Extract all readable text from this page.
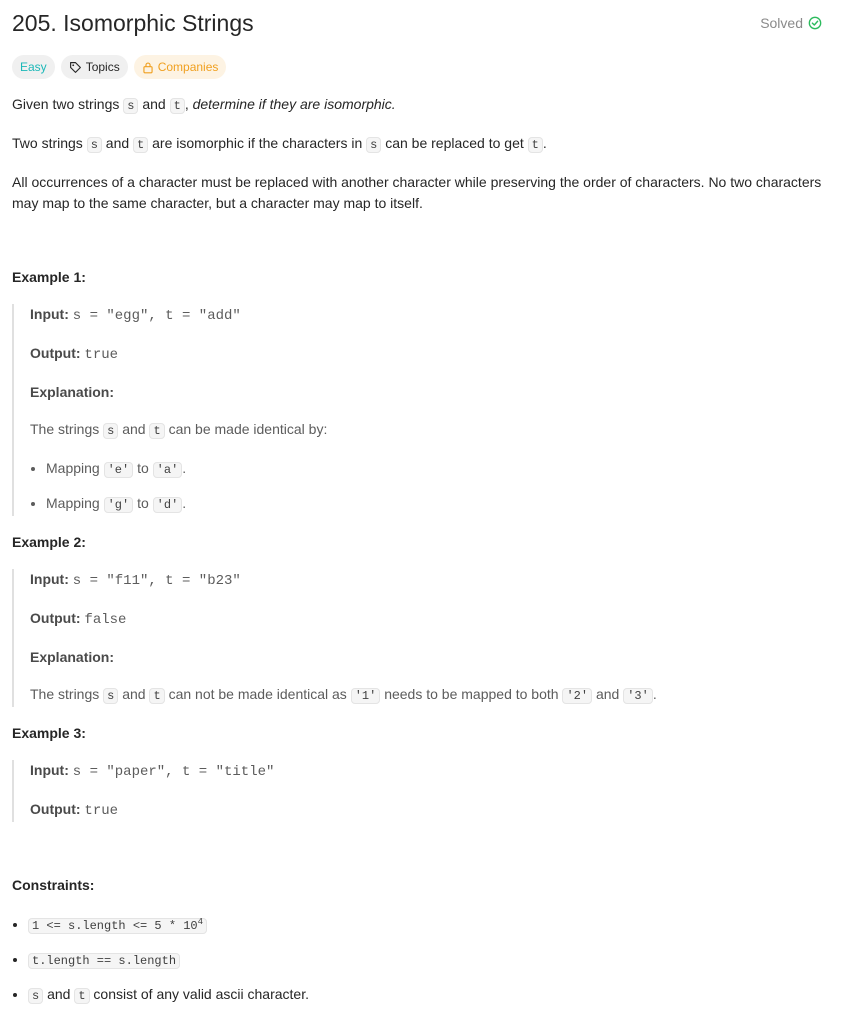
205. Isomorphic Strings	Solved
Easy	Topics	Companies

Given two strings s and t , determine if they are isomorphic.

Two strings s and t are isomorphic if the characters in s can be replaced to get t .

All occurrences of a character must be replaced with another character while preserving the order of characters. No two characters may map to the same character, but a character may map to itself.

Example 1:

Input: s = "egg", t = "add"

Output: true

Explanation:

The strings s and t can be made identical by:

• Mapping 'e' to 'a' .
• Mapping 'g' to 'd' .

Example 2:

Input: s = "f11", t = "b23"

Output: false

Explanation:

The strings s and t can not be made identical as '1' needs to be mapped to both '2' and '3' .

Example 3:

Input: s = "paper", t = "title"

Output: true

Constraints:

• 1 <= s.length <= $5 * 10^4$
• t.length == s.length
• s and t consist of any valid ascii character.
